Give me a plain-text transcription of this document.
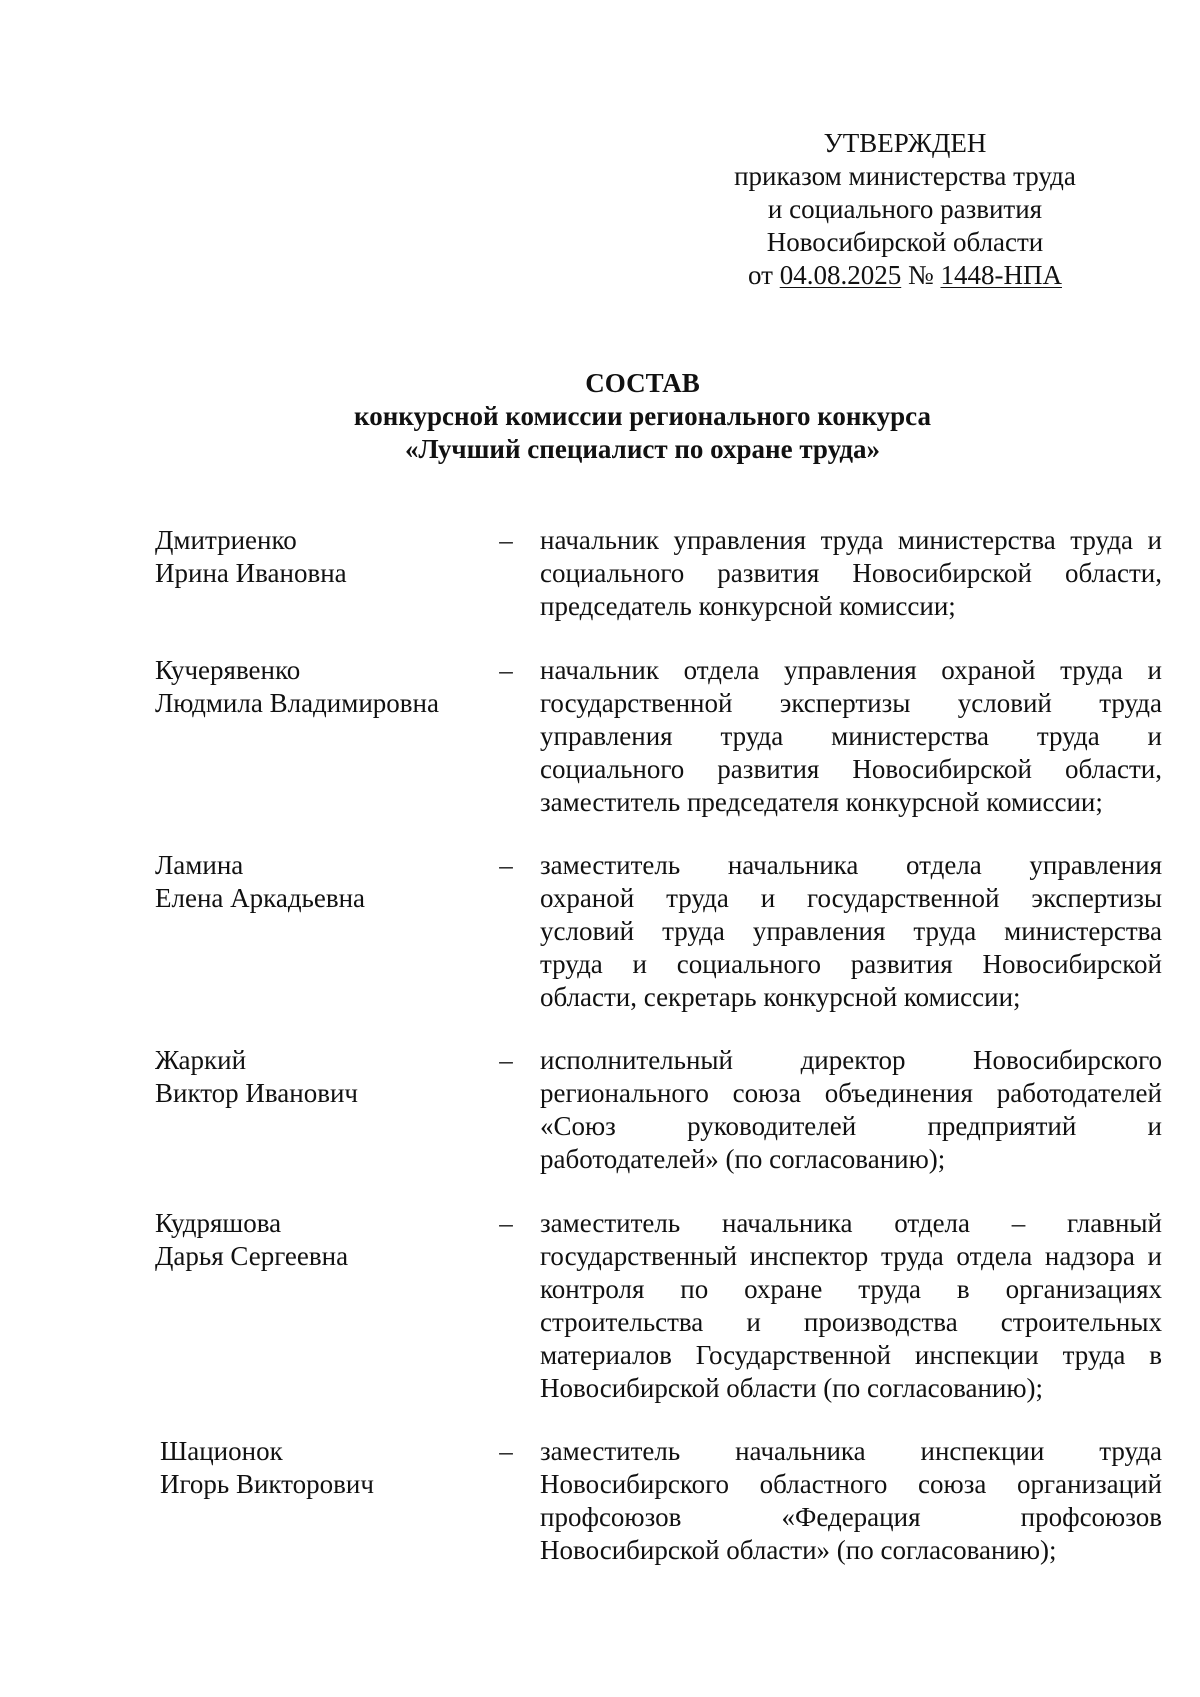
УТВЕРЖДЕН
приказом министерства труда
и социального развития
Новосибирской области
от 04.08.2025 № 1448-НПА
СОСТАВ
конкурсной комиссии регионального конкурса
«Лучший специалист по охране труда»
Дмитриенко
Ирина Ивановна
– начальник управления труда министерства труда и
социального развития Новосибирской области,
председатель конкурсной комиссии;
Кучерявенко
Людмила Владимировна
– начальник отдела управления охраной труда и
государственной экспертизы условий труда
управления труда министерства труда и
социального развития Новосибирской области,
заместитель председателя конкурсной комиссии;
Ламина
Елена Аркадьевна
– заместитель начальника отдела управления
охраной труда и государственной экспертизы
условий труда управления труда министерства
труда и социального развития Новосибирской
области, секретарь конкурсной комиссии;
Жаркий
Виктор Иванович
– исполнительный директор Новосибирского
регионального союза объединения работодателей
«Союз руководителей предприятий и
работодателей» (по согласованию);
Кудряшова
Дарья Сергеевна
– заместитель начальника отдела – главный
государственный инспектор труда отдела надзора и
контроля по охране труда в организациях
строительства и производства строительных
материалов Государственной инспекции труда в
Новосибирской области (по согласованию);
Шационок
Игорь Викторович
– заместитель начальника инспекции труда
Новосибирского областного союза организаций
профсоюзов «Федерация профсоюзов
Новосибирской области» (по согласованию);
